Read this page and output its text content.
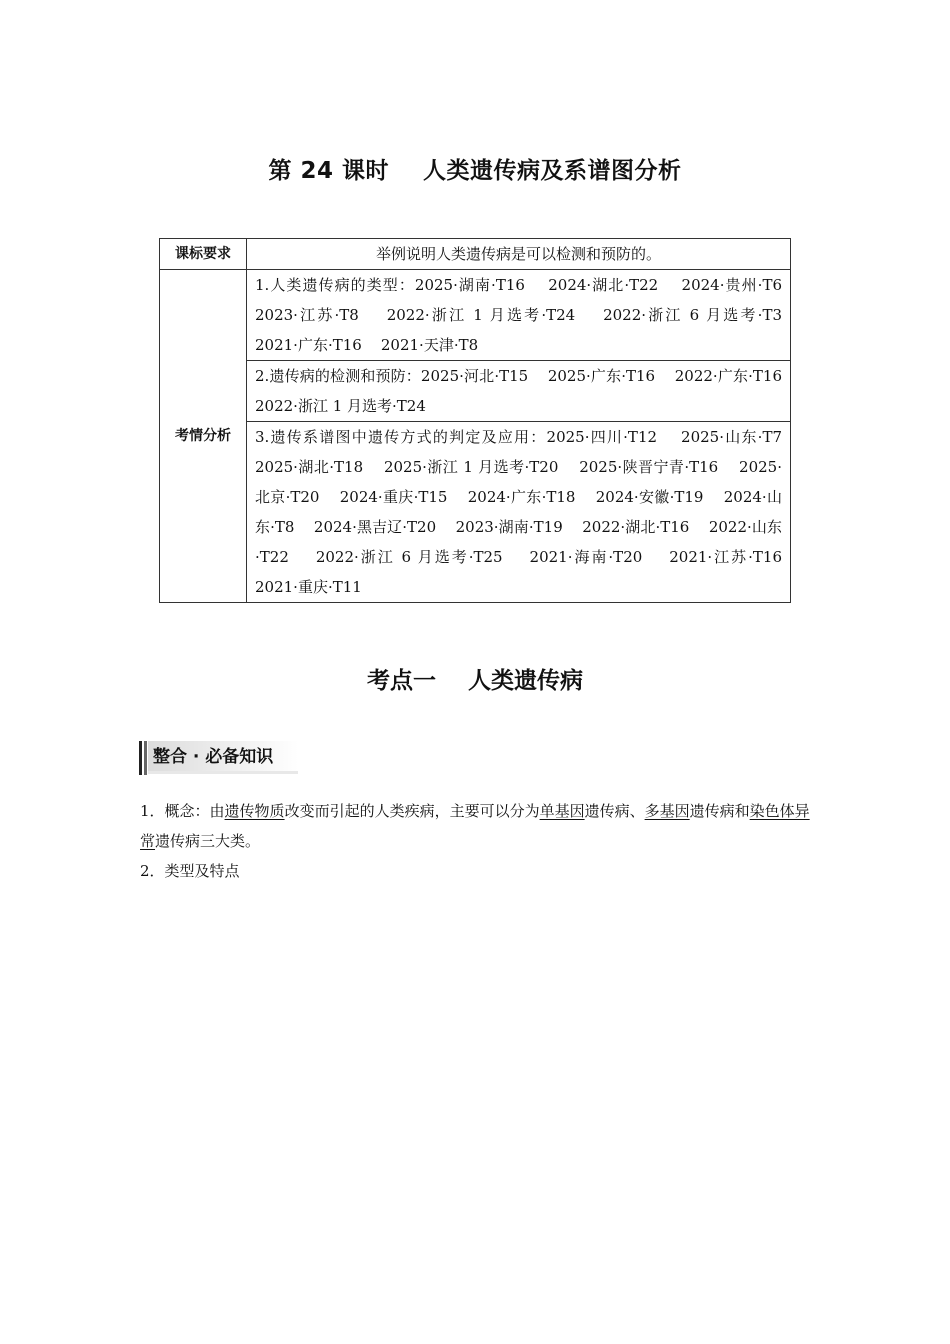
第 24 课时    人类遗传病及系谱图分析
课标要求	举例说明人类遗传病是可以检测和预防的。
考情分析	1.人类遗传病的类型：2025·湖南·T16    2024·湖北·T22    2024·贵州·T6    2023·江苏·T8    2022·浙江 1 月选考·T24    2022·浙江 6 月选考·T3    2021·广东·T16    2021·天津·T8
	2.遗传病的检测和预防：2025·河北·T15    2025·广东·T16    2022·广东·T16    2022·浙江 1 月选考·T24
	3.遗传系谱图中遗传方式的判定及应用：2025·四川·T12    2025·山东·T7    2025·湖北·T18    2025·浙江 1 月选考·T20    2025·陕晋宁青·T16    2025·北京·T20    2024·重庆·T15    2024·广东·T18    2024·安徽·T19    2024·山东·T8    2024·黑吉辽·T20    2023·湖南·T19    2022·湖北·T16    2022·山东·T22    2022·浙江 6 月选考·T25    2021·海南·T20    2021·江苏·T16    2021·重庆·T11
考点一    人类遗传病
整合 · 必备知识
1．概念：由遗传物质改变而引起的人类疾病，主要可以分为单基因遗传病、多基因遗传病和染色体异常遗传病三大类。
2．类型及特点
